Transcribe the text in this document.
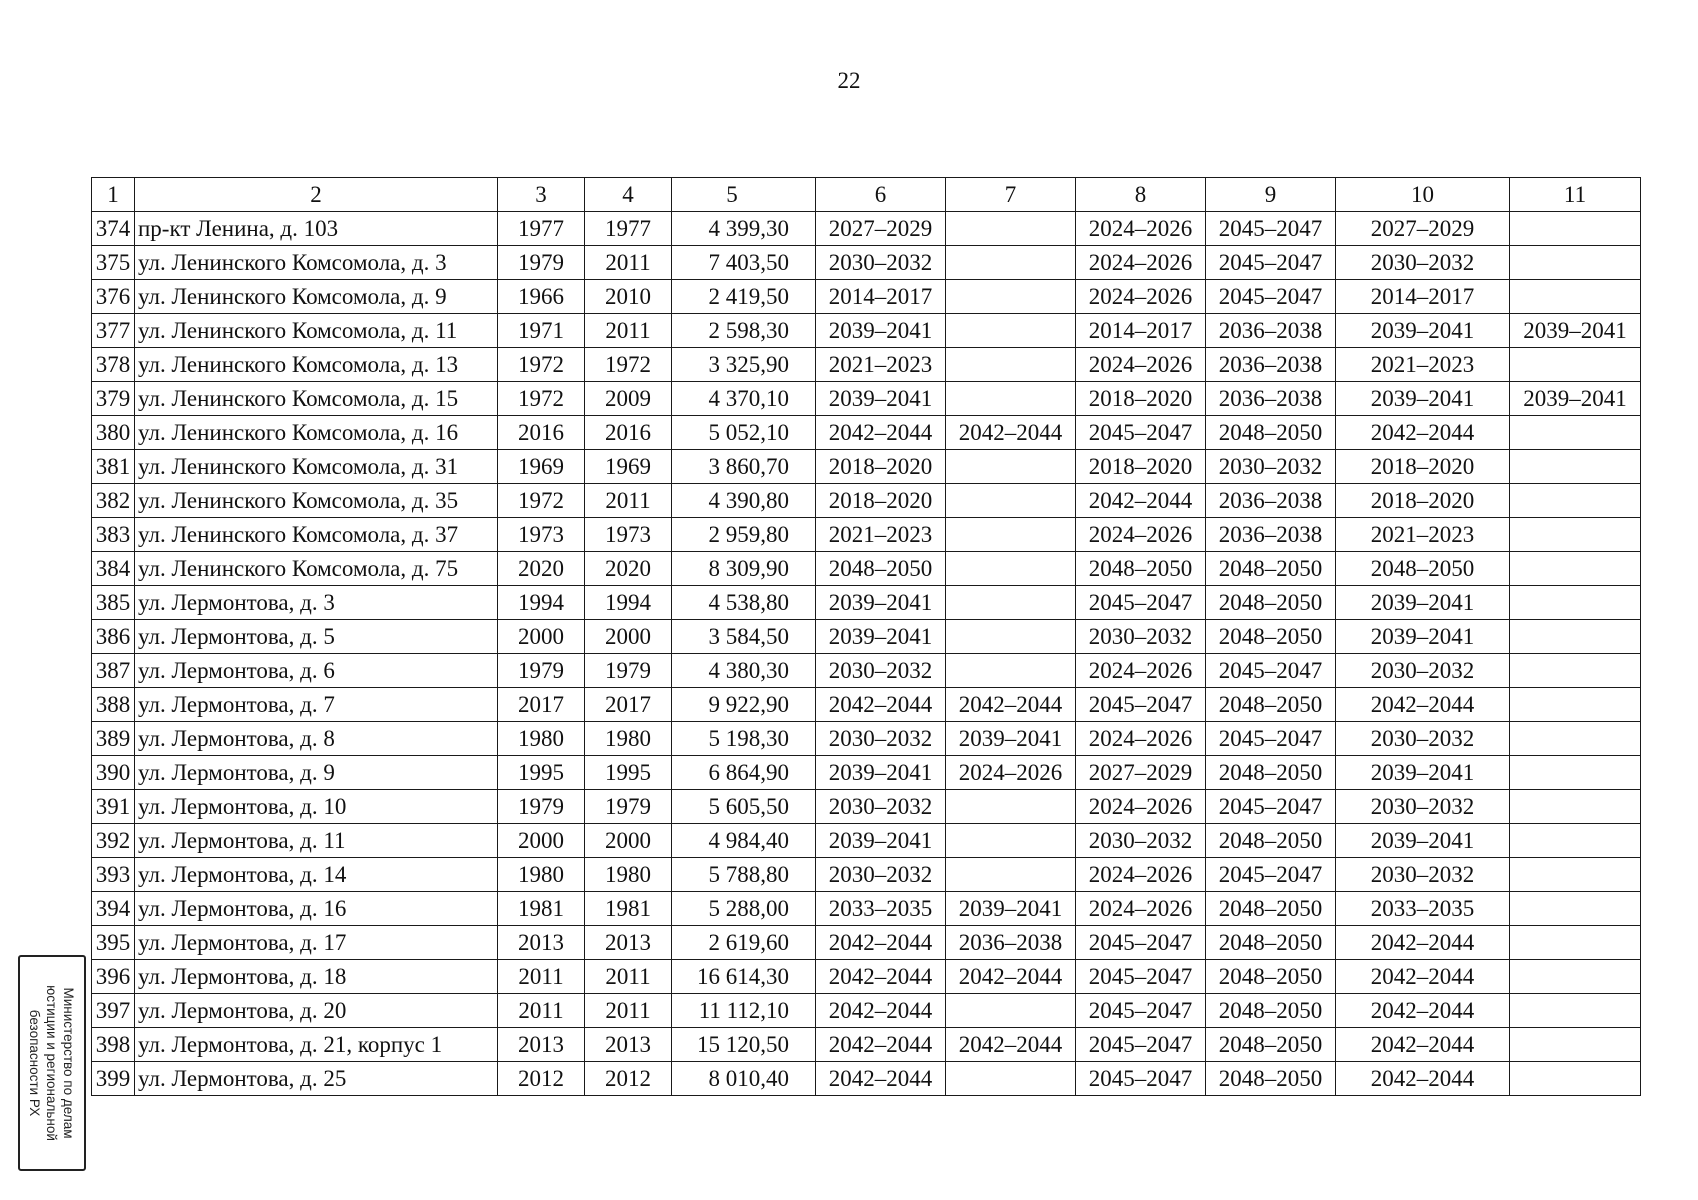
22
1	2	3	4	5	6	7	8	9	10	11
374	пр-кт Ленина, д. 103	1977	1977	4 399,30	2027–2029		2024–2026	2045–2047	2027–2029	
375	ул. Ленинского Комсомола, д. 3	1979	2011	7 403,50	2030–2032		2024–2026	2045–2047	2030–2032	
376	ул. Ленинского Комсомола, д. 9	1966	2010	2 419,50	2014–2017		2024–2026	2045–2047	2014–2017	
377	ул. Ленинского Комсомола, д. 11	1971	2011	2 598,30	2039–2041		2014–2017	2036–2038	2039–2041	2039–2041
378	ул. Ленинского Комсомола, д. 13	1972	1972	3 325,90	2021–2023		2024–2026	2036–2038	2021–2023	
379	ул. Ленинского Комсомола, д. 15	1972	2009	4 370,10	2039–2041		2018–2020	2036–2038	2039–2041	2039–2041
380	ул. Ленинского Комсомола, д. 16	2016	2016	5 052,10	2042–2044	2042–2044	2045–2047	2048–2050	2042–2044	
381	ул. Ленинского Комсомола, д. 31	1969	1969	3 860,70	2018–2020		2018–2020	2030–2032	2018–2020	
382	ул. Ленинского Комсомола, д. 35	1972	2011	4 390,80	2018–2020		2042–2044	2036–2038	2018–2020	
383	ул. Ленинского Комсомола, д. 37	1973	1973	2 959,80	2021–2023		2024–2026	2036–2038	2021–2023	
384	ул. Ленинского Комсомола, д. 75	2020	2020	8 309,90	2048–2050		2048–2050	2048–2050	2048–2050	
385	ул. Лермонтова, д. 3	1994	1994	4 538,80	2039–2041		2045–2047	2048–2050	2039–2041	
386	ул. Лермонтова, д. 5	2000	2000	3 584,50	2039–2041		2030–2032	2048–2050	2039–2041	
387	ул. Лермонтова, д. 6	1979	1979	4 380,30	2030–2032		2024–2026	2045–2047	2030–2032	
388	ул. Лермонтова, д. 7	2017	2017	9 922,90	2042–2044	2042–2044	2045–2047	2048–2050	2042–2044	
389	ул. Лермонтова, д. 8	1980	1980	5 198,30	2030–2032	2039–2041	2024–2026	2045–2047	2030–2032	
390	ул. Лермонтова, д. 9	1995	1995	6 864,90	2039–2041	2024–2026	2027–2029	2048–2050	2039–2041	
391	ул. Лермонтова, д. 10	1979	1979	5 605,50	2030–2032		2024–2026	2045–2047	2030–2032	
392	ул. Лермонтова, д. 11	2000	2000	4 984,40	2039–2041		2030–2032	2048–2050	2039–2041	
393	ул. Лермонтова, д. 14	1980	1980	5 788,80	2030–2032		2024–2026	2045–2047	2030–2032	
394	ул. Лермонтова, д. 16	1981	1981	5 288,00	2033–2035	2039–2041	2024–2026	2048–2050	2033–2035	
395	ул. Лермонтова, д. 17	2013	2013	2 619,60	2042–2044	2036–2038	2045–2047	2048–2050	2042–2044	
396	ул. Лермонтова, д. 18	2011	2011	16 614,30	2042–2044	2042–2044	2045–2047	2048–2050	2042–2044	
397	ул. Лермонтова, д. 20	2011	2011	11 112,10	2042–2044		2045–2047	2048–2050	2042–2044	
398	ул. Лермонтова, д. 21, корпус 1	2013	2013	15 120,50	2042–2044	2042–2044	2045–2047	2048–2050	2042–2044	
399	ул. Лермонтова, д. 25	2012	2012	8 010,40	2042–2044		2045–2047	2048–2050	2042–2044	
Министерство по делам
юстиции и региональной
безопасности РХ
